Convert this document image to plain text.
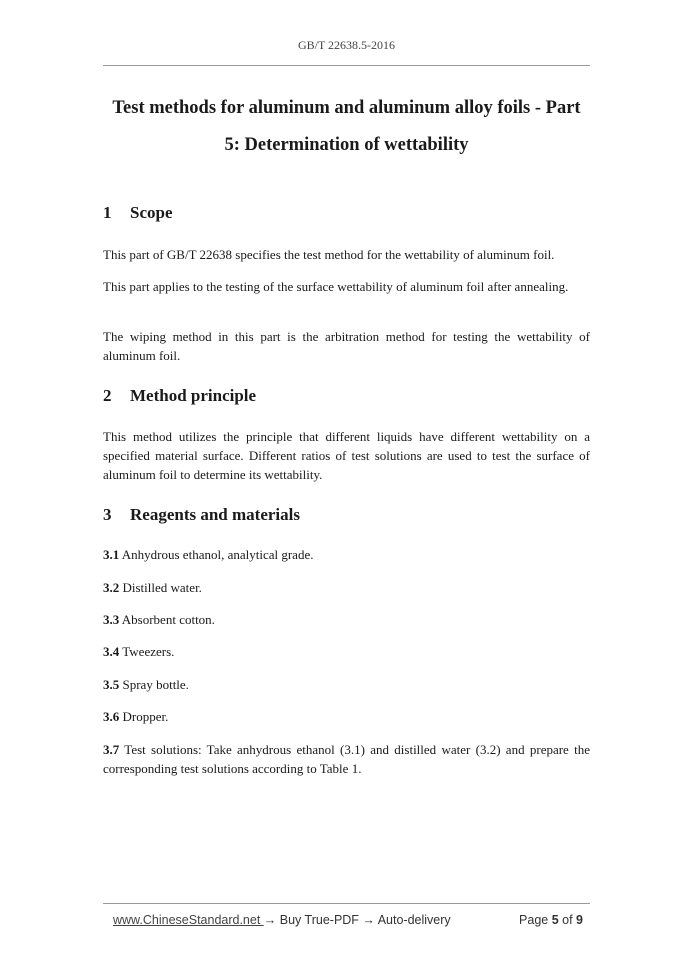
GB/T 22638.5-2016
Test methods for aluminum and aluminum alloy foils - Part
5: Determination of wettability
1 Scope

This part of GB/T 22638 specifies the test method for the wettability of aluminum foil.

This part applies to the testing of the surface wettability of aluminum foil after annealing.

The wiping method in this part is the arbitration method for testing the wettability of aluminum foil.

2 Method principle

This method utilizes the principle that different liquids have different wettability on a specified material surface. Different ratios of test solutions are used to test the surface of aluminum foil to determine its wettability.

3 Reagents and materials

3.1 Anhydrous ethanol, analytical grade.

3.2 Distilled water.

3.3 Absorbent cotton.

3.4 Tweezers.

3.5 Spray bottle.

3.6 Dropper.

3.7 Test solutions: Take anhydrous ethanol (3.1) and distilled water (3.2) and prepare the corresponding test solutions according to Table 1.

www.ChineseStandard.net → Buy True-PDF → Auto-delivery	Page 5 of 9
